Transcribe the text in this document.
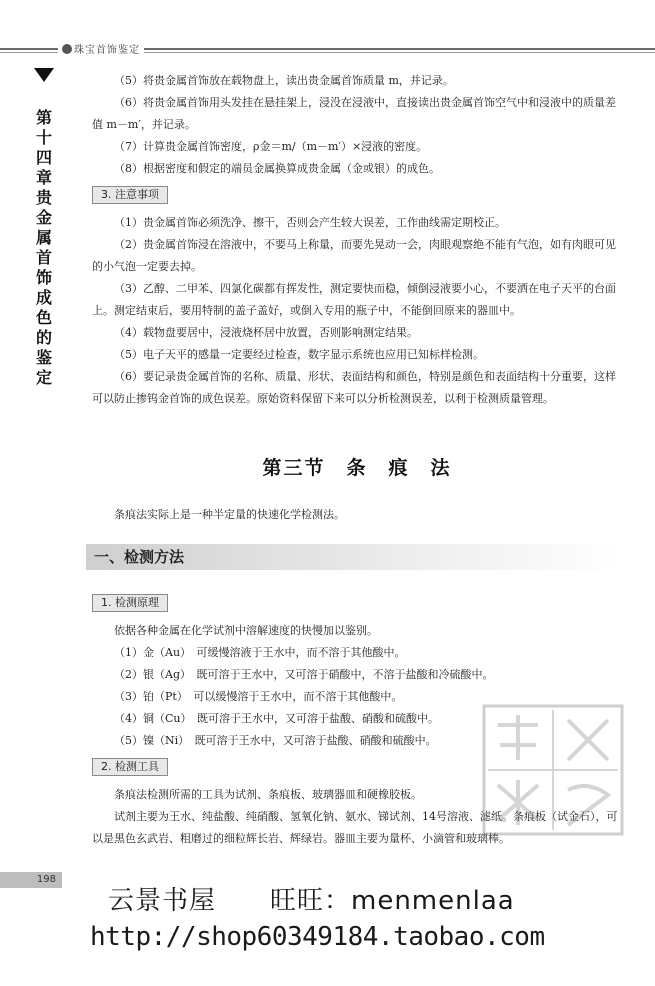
珠宝首饰鉴定
第十四章 贵金属首饰成色的鉴定

（5）将贵金属首饰放在载物盘上，读出贵金属首饰质量 m，并记录。

（6）将贵金属首饰用头发挂在悬挂架上，浸没在浸液中，直接读出贵金属首饰空气中和浸液中的质量差值 m－m′，并记录。

（7）计算贵金属首饰密度，ρ金＝m/（m－m′）×浸液的密度。

（8）根据密度和假定的端员金属换算成贵金属（金或银）的成色。

3. 注意事项

（1）贵金属首饰必须洗净、擦干，否则会产生较大误差，工作曲线需定期校正。

（2）贵金属首饰浸在溶液中，不要马上称量，而要先晃动一会，肉眼观察绝不能有气泡，如有肉眼可见的小气泡一定要去掉。

（3）乙醇、二甲苯、四氯化碳都有挥发性，测定要快而稳，倾倒浸液要小心，不要洒在电子天平的台面上。测定结束后，要用特制的盖子盖好，或倒入专用的瓶子中，不能倒回原来的器皿中。

（4）载物盘要居中，浸液烧杯居中放置，否则影响测定结果。

（5）电子天平的感量一定要经过检查，数字显示系统也应用已知标样检测。

（6）要记录贵金属首饰的名称、质量、形状、表面结构和颜色，特别是颜色和表面结构十分重要，这样可以防止掺钨金首饰的成色误差。原始资料保留下来可以分析检测误差，以利于检测质量管理。

第三节　条　痕　法

条痕法实际上是一种半定量的快速化学检测法。

一、检测方法
1. 检测原理

依据各种金属在化学试剂中溶解速度的快慢加以鉴别。

（1）金（Au）　可缓慢溶液于王水中，而不溶于其他酸中。

（2）银（Ag）　既可溶于王水中，又可溶于硝酸中，不溶于盐酸和冷硫酸中。

（3）铂（Pt）　可以缓慢溶于王水中，而不溶于其他酸中。

（4）铜（Cu）　既可溶于王水中，又可溶于盐酸、硝酸和硫酸中。

（5）镍（Ni）　既可溶于王水中，又可溶于盐酸、硝酸和硫酸中。

2. 检测工具

条痕法检测所需的工具为试剂、条痕板、玻璃器皿和硬橡胶板。

试剂主要为王水、纯盐酸、纯硝酸、氢氧化钠、氨水、锑试剂、14号溶液、滤纸。条痕板（试金石），可以是黑色玄武岩、粗磨过的细粒辉长岩、辉绿岩。器皿主要为量杯、小滴管和玻璃棒。

198
云景书屋　　旺旺：menmenlaa
http://shop60349184.taobao.com
